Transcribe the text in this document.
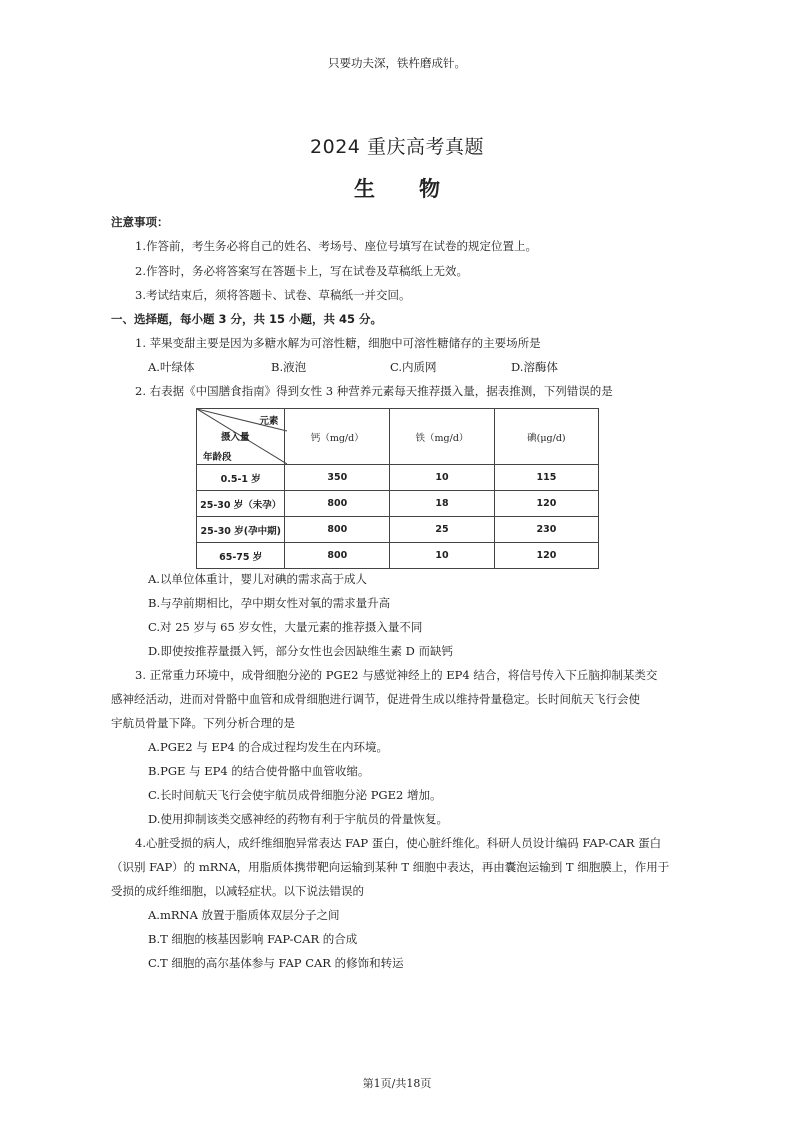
只要功夫深，铁杵磨成针。
2024 重庆高考真题
生 物
注意事项：
1.作答前，考生务必将自己的姓名、考场号、座位号填写在试卷的规定位置上。
2.作答时，务必将答案写在答题卡上，写在试卷及草稿纸上无效。
3.考试结束后，须将答题卡、试卷、草稿纸一并交回。
一、选择题，每小题 3 分，共 15 小题，共 45 分。
1. 苹果变甜主要是因为多糖水解为可溶性糖，细胞中可溶性糖储存的主要场所是
A.叶绿体	B.液泡	C.内质网	D.溶酶体
2. 右表据《中国膳食指南》得到女性 3 种营养元素每天推荐摄入量，据表推测，下列错误的是
元素
摄入量
年龄段	钙（mg/d）	铁（mg/d）	碘(μg/d)
0.5-1 岁	350	10	115
25-30 岁（未孕）	800	18	120
25-30 岁(孕中期)	800	25	230
65-75 岁	800	10	120
A.以单位体重计，婴儿对碘的需求高于成人
B.与孕前期相比，孕中期女性对氧的需求量升高
C.对 25 岁与 65 岁女性，大量元素的推荐摄入量不同
D.即使按推荐量摄入钙，部分女性也会因缺维生素 D 而缺钙
3. 正常重力环境中，成骨细胞分泌的 PGE2 与感觉神经上的 EP4 结合，将信号传入下丘脑抑制某类交
感神经活动，进而对骨骼中血管和成骨细胞进行调节，促进骨生成以维持骨量稳定。长时间航天飞行会使
宇航员骨量下降。下列分析合理的是
A.PGE2 与 EP4 的合成过程均发生在内环境。
B.PGE 与 EP4 的结合使骨骼中血管收缩。
C.长时间航天飞行会使宇航员成骨细胞分泌 PGE2 增加。
D.使用抑制该类交感神经的药物有利于宇航员的骨量恢复。
4.心脏受损的病人，成纤维细胞异常表达 FAP 蛋白，使心脏纤维化。科研人员设计编码 FAP-CAR 蛋白
（识别 FAP）的 mRNA，用脂质体携带靶向运输到某种 T 细胞中表达，再由囊泡运输到 T 细胞膜上，作用于
受损的成纤维细胞，以减轻症状。以下说法错误的
A.mRNA 放置于脂质体双层分子之间
B.T 细胞的核基因影响 FAP-CAR 的合成
C.T 细胞的高尔基体参与 FAP CAR 的修饰和转运
第1页/共18页
